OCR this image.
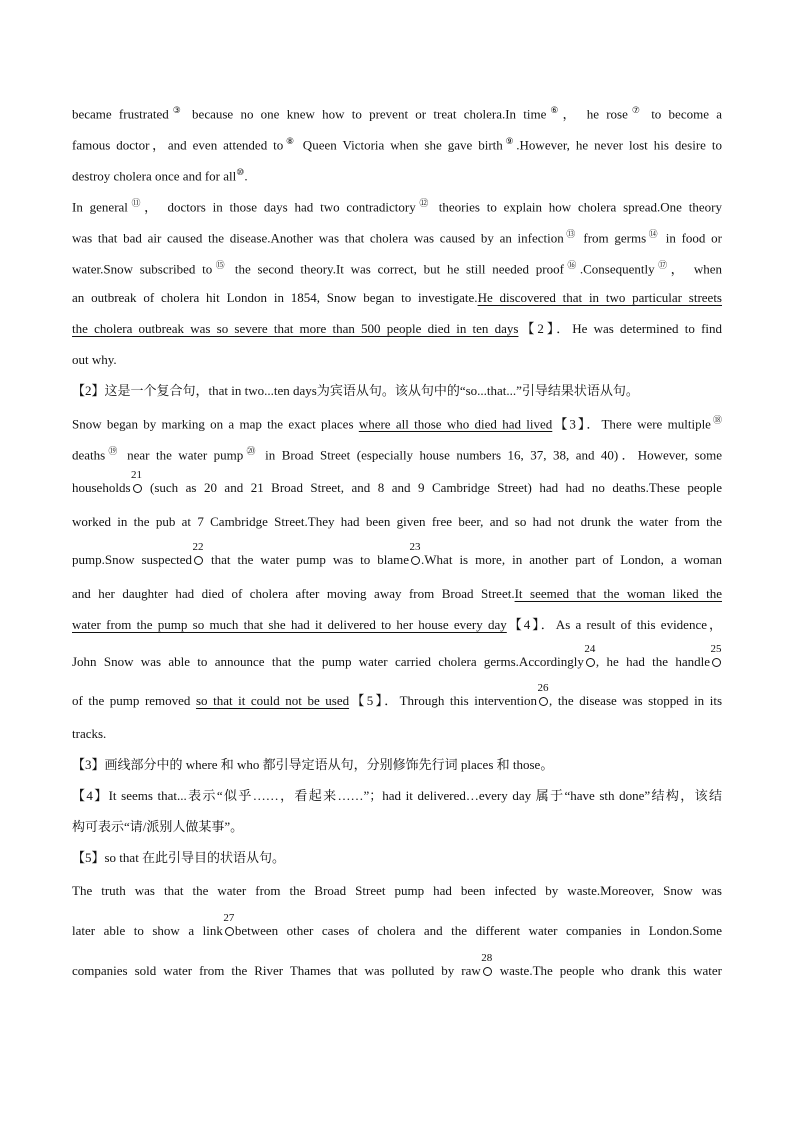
became frustrated③ because no one knew how to prevent or treat cholera.In time⑥， he rose⑦ to become a
famous doctor，and even attended to⑧ Queen Victoria when she gave birth⑨.However, he never lost his desire to
destroy cholera once and for all⑩.
In general⑪， doctors in those days had two contradictory⑫ theories to explain how cholera spread.One theory
was that bad air caused the disease.Another was that cholera was caused by an infection⑬ from germs⑭ in food or
water.Snow subscribed to⑮ the second theory.It was correct, but he still needed proof⑯.Consequently⑰， when
an outbreak of cholera hit London in 1854, Snow began to investigate.He discovered that in two particular streets
the cholera outbreak was so severe that more than 500 people died in ten days【2】．He was determined to find
out why.
【2】这是一个复合句，that in two...ten days为宾语从句。该从句中的“so...that...”引导结果状语从句。
Snow began by marking on a map the exact places where all those who died had lived【3】．There were multiple⑱
deaths⑲ near the water pump⑳ in Broad Street (especially house numbers 16, 37, 38, and 40)．However, some
households
21
(such as 20 and 21 Broad Street, and 8 and 9 Cambridge Street) had had no deaths.These people
worked in the pub at 7 Cambridge Street.They had been given free beer, and so had not drunk the water from the
pump.Snow suspected
22
that the water pump was to blame
23
.What is more, in another part of London, a woman
and her daughter had died of cholera after moving away from Broad Street.It seemed that the woman liked the
water from the pump so much that she had it delivered to her house every day【4】．As a result of this evidence，
John Snow was able to announce that the pump water carried cholera germs.Accordingly
24
, he had the handle
25
of the pump removed so that it could not be used【5】．Through this intervention
26
, the disease was stopped in its
tracks.
【3】画线部分中的 where 和 who 都引导定语从句，分别修饰先行词 places 和 those。
【4】It seems that...表示“似乎……，看起来……”；had it delivered…every day 属于“have sth done”结构，该结
构可表示“请/派别人做某事”。
【5】so that 在此引导目的状语从句。
The truth was that the water from the Broad Street pump had been infected by waste.Moreover, Snow was
later able to show a link
27
between other cases of cholera and the different water companies in London.Some
companies sold water from the River Thames that was polluted by raw
28
waste.The people who drank this water
